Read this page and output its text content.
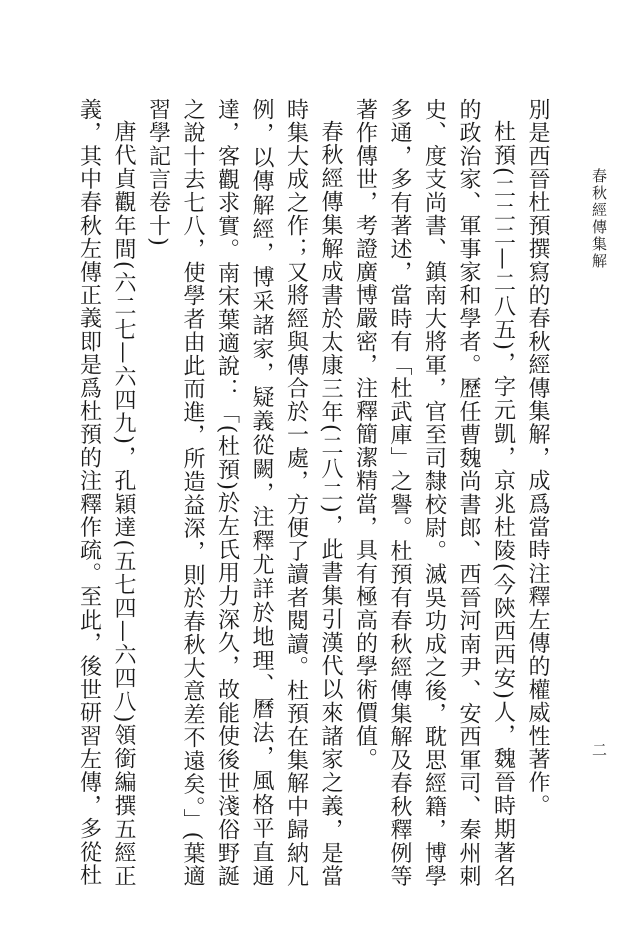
春秋經傳集解
二

別是西晉杜預撰寫的春秋經傳集解，成爲當時注釋左傳的權威性著作。

杜預(二二二—二八五)，字元凱，京兆杜陵(今陝西西安)人，魏晉時期著名的政治家、軍事家和學者。歷任曹魏尚書郎、西晉河南尹、安西軍司、秦州刺史、度支尚書、鎮南大將軍，官至司隸校尉。滅吳功成之後，耽思經籍，博學多通，多有著述，當時有「杜武庫」之譽。杜預有春秋經傳集解及春秋釋例等著作傳世，考證廣博嚴密，注釋簡潔精當，具有極高的學術價值。

春秋經傳集解成書於太康三年(二八二)，此書集引漢代以來諸家之義，是當時集大成之作；又將經與傳合於一處，方便了讀者閱讀。杜預在集解中歸納凡例，以傳解經，博采諸家，疑義從闕，注釋尤詳於地理、曆法，風格平直通達，客觀求實。南宋葉適說：「(杜預)於左氏用力深久，故能使後世淺俗野誕之說十去七八，使學者由此而進，所造益深，則於春秋大意差不遠矣。」(葉適習學記言卷十)

唐代貞觀年間(六二七—六四九)，孔穎達(五七四—六四八)領銜編撰五經正義，其中春秋左傳正義即是爲杜預的注釋作疏。至此，後世研習左傳，多從杜
